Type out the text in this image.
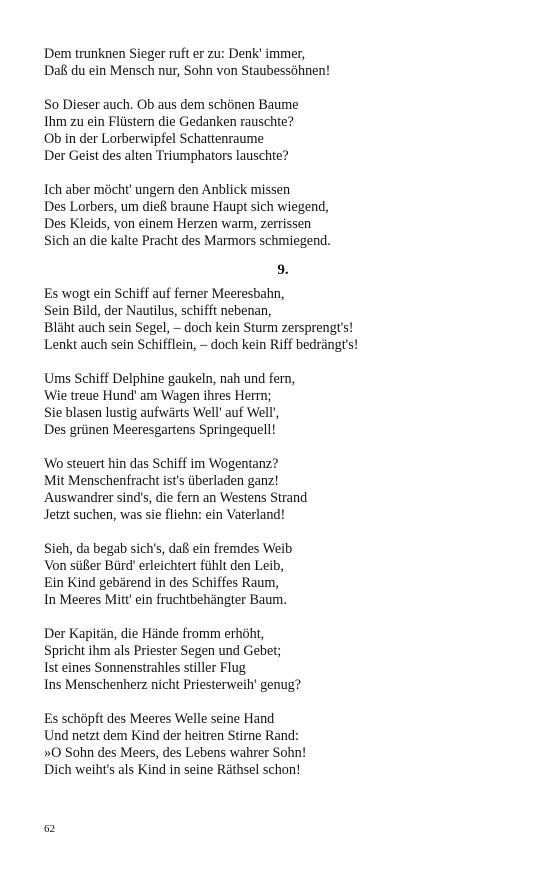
Dem trunknen Sieger ruft er zu: Denk' immer,
Daß du ein Mensch nur, Sohn von Staubessöhnen!
So Dieser auch. Ob aus dem schönen Baume
Ihm zu ein Flüstern die Gedanken rauschte?
Ob in der Lorberwipfel Schattenraume
Der Geist des alten Triumphators lauschte?
Ich aber möcht' ungern den Anblick missen
Des Lorbers, um dieß braune Haupt sich wiegend,
Des Kleids, von einem Herzen warm, zerrissen
Sich an die kalte Pracht des Marmors schmiegend.
9.
Es wogt ein Schiff auf ferner Meeresbahn,
Sein Bild, der Nautilus, schifft nebenan,
Bläht auch sein Segel, – doch kein Sturm zersprengt's!
Lenkt auch sein Schifflein, – doch kein Riff bedrängt's!
Ums Schiff Delphine gaukeln, nah und fern,
Wie treue Hund' am Wagen ihres Herrn;
Sie blasen lustig aufwärts Well' auf Well',
Des grünen Meeresgartens Springequell!
Wo steuert hin das Schiff im Wogentanz?
Mit Menschenfracht ist's überladen ganz!
Auswandrer sind's, die fern an Westens Strand
Jetzt suchen, was sie fliehn: ein Vaterland!
Sieh, da begab sich's, daß ein fremdes Weib
Von süßer Bürd' erleichtert fühlt den Leib,
Ein Kind gebärend in des Schiffes Raum,
In Meeres Mitt' ein fruchtbehängter Baum.
Der Kapitän, die Hände fromm erhöht,
Spricht ihm als Priester Segen und Gebet;
Ist eines Sonnenstrahles stiller Flug
Ins Menschenherz nicht Priesterweih' genug?
Es schöpft des Meeres Welle seine Hand
Und netzt dem Kind der heitren Stirne Rand:
»O Sohn des Meers, des Lebens wahrer Sohn!
Dich weiht's als Kind in seine Räthsel schon!
62
